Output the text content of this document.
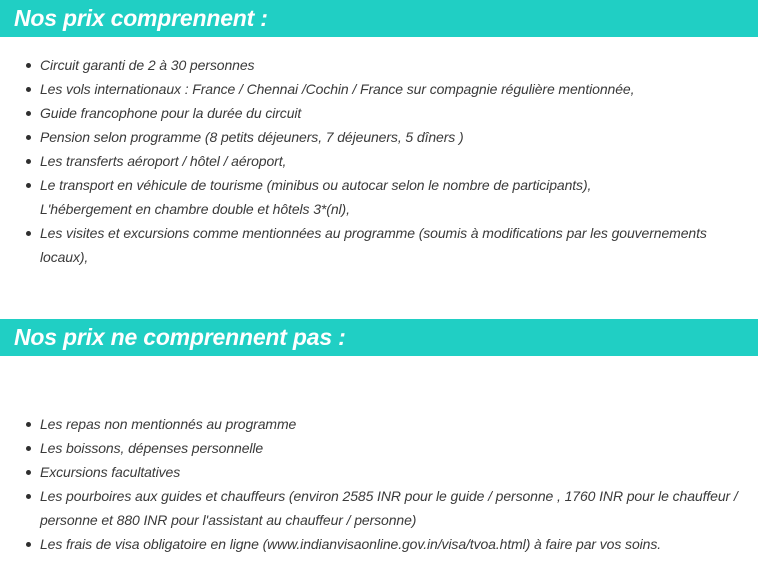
Nos prix comprennent :
Circuit garanti de 2 à 30 personnes
Les vols internationaux : France / Chennai /Cochin / France sur compagnie régulière mentionnée,
Guide francophone pour la durée du circuit
Pension selon programme (8 petits déjeuners, 7 déjeuners, 5 dîners )
Les transferts aéroport / hôtel / aéroport,
Le transport en véhicule de tourisme (minibus ou autocar selon le nombre de participants),
L'hébergement en chambre double et hôtels 3*(nl),
Les visites et excursions comme mentionnées au programme (soumis à modifications par les gouvernements locaux),
Nos prix ne comprennent pas :
Les repas non mentionnés au programme
Les boissons, dépenses personnelle
Excursions facultatives
Les pourboires aux guides et chauffeurs (environ 2585 INR pour le guide / personne , 1760 INR pour le chauffeur / personne et 880 INR pour l'assistant au chauffeur / personne)
Les frais de visa obligatoire en ligne (www.indianvisaonline.gov.in/visa/tvoa.html) à faire par vos soins.
